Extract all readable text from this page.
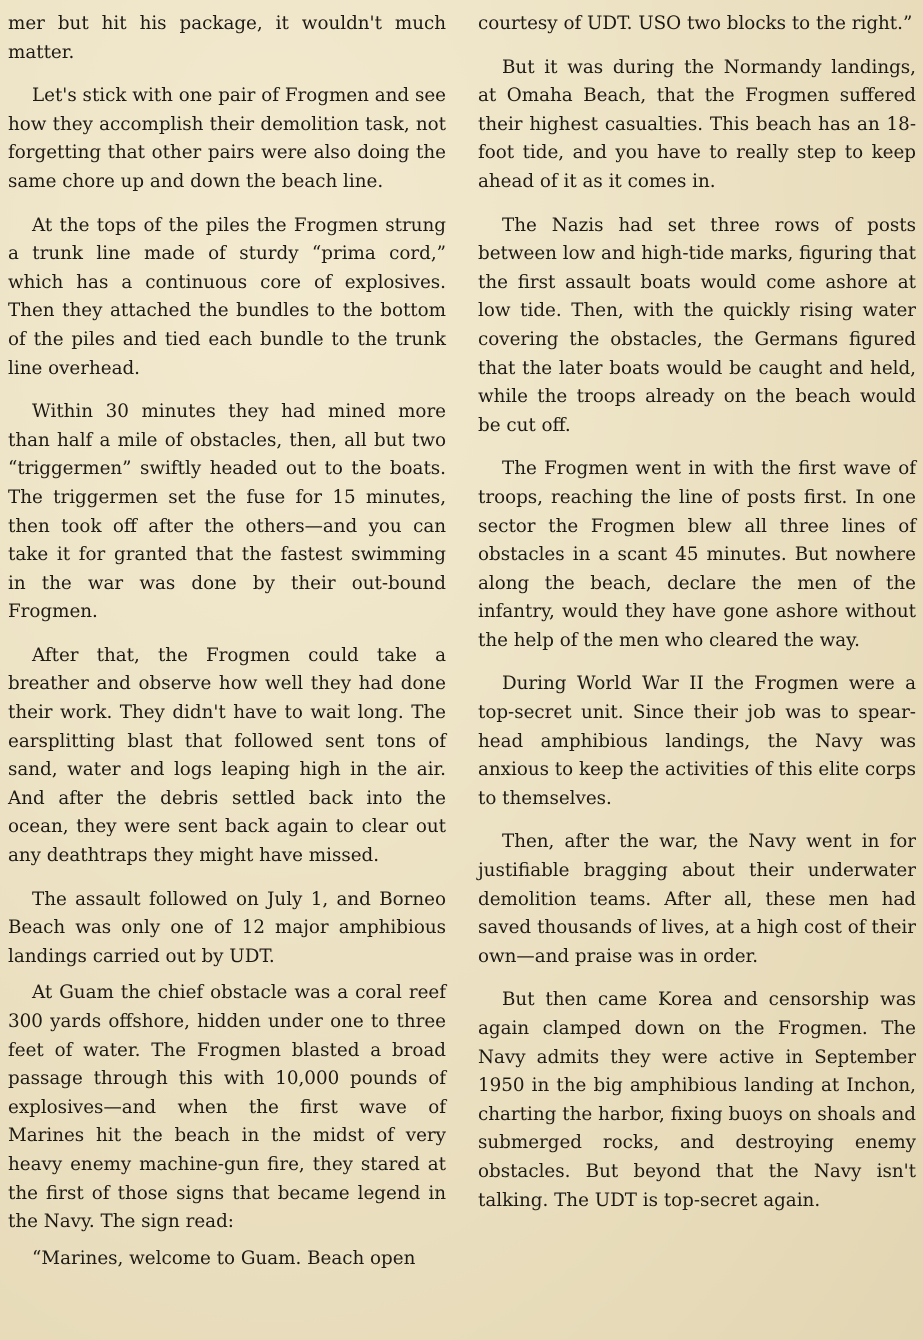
mer but hit his package, it wouldn't much matter.

Let's stick with one pair of Frogmen and see how they accomplish their demolition task, not forgetting that other pairs were also doing the same chore up and down the beach line.

At the tops of the piles the Frogmen strung a trunk line made of sturdy “prima cord,” which has a continuous core of explosives. Then they attached the bundles to the bottom of the piles and tied each bundle to the trunk line overhead.

Within 30 minutes they had mined more than half a mile of obstacles, then, all but two “triggermen” swiftly headed out to the boats. The triggermen set the fuse for 15 minutes, then took off after the others—and you can take it for granted that the fastest swimming in the war was done by their out-bound Frogmen.

After that, the Frogmen could take a breather and observe how well they had done their work. They didn't have to wait long. The earsplitting blast that followed sent tons of sand, water and logs leaping high in the air. And after the debris settled back into the ocean, they were sent back again to clear out any deathtraps they might have missed.

The assault followed on July 1, and Borneo Beach was only one of 12 major amphibious landings carried out by UDT.

At Guam the chief obstacle was a coral reef 300 yards offshore, hidden under one to three feet of water. The Frogmen blasted a broad passage through this with 10,000 pounds of explosives—and when the first wave of Marines hit the beach in the midst of very heavy enemy machine-gun fire, they stared at the first of those signs that became legend in the Navy. The sign read:

“Marines, welcome to Guam. Beach open

courtesy of UDT. USO two blocks to the right.”

But it was during the Normandy landings, at Omaha Beach, that the Frogmen suffered their highest casualties. This beach has an 18-foot tide, and you have to really step to keep ahead of it as it comes in.

The Nazis had set three rows of posts between low and high-tide marks, figuring that the first assault boats would come ashore at low tide. Then, with the quickly rising water covering the obstacles, the Germans figured that the later boats would be caught and held, while the troops already on the beach would be cut off.

The Frogmen went in with the first wave of troops, reaching the line of posts first. In one sector the Frogmen blew all three lines of obstacles in a scant 45 minutes. But nowhere along the beach, declare the men of the infantry, would they have gone ashore without the help of the men who cleared the way.

During World War II the Frogmen were a top-secret unit. Since their job was to spear-head amphibious landings, the Navy was anxious to keep the activities of this elite corps to themselves.

Then, after the war, the Navy went in for justifiable bragging about their underwater demolition teams. After all, these men had saved thousands of lives, at a high cost of their own—and praise was in order.

But then came Korea and censorship was again clamped down on the Frogmen. The Navy admits they were active in September 1950 in the big amphibious landing at Inchon, charting the harbor, fixing buoys on shoals and submerged rocks, and destroying enemy obstacles. But beyond that the Navy isn't talking. The UDT is top-secret again.
